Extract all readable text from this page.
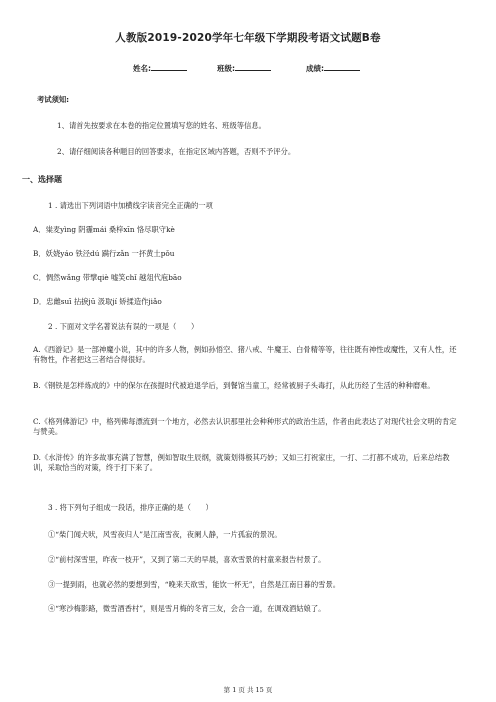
人教版2019-2020学年七年级下学期段考语文试题B卷
姓名:	班级:	成绩:
考试须知:
1、请首先按要求在本卷的指定位置填写您的姓名、班级等信息。
2、请仔细阅读各种题目的回答要求，在指定区域内答题，否则不予评分。
一、选择题
1 . 请选出下列词语中加横线字读音完全正确的一项
A．粜麦yìng 阴霾mái 桑梓xīn 恪尽职守kè
B．妖娆yáo 铁泾dú 蹒行zǎn 一抔黄土pǒu
C．惆然wǎng 带擘qiè 嘘笑chǐ 越俎代庖bāo
D．忠雌suī 拈捩jū 汲取jí 矫揉造作jiǎo
2 . 下面对文学名著说法有误的一项是（　　）
A.《西游记》是一部神魔小说，其中的许多人物，例如孙悟空、猪八戒、牛魔王、白骨精等等，往往既有神性或魔性，又有人性，还有物性，作者把这三者结合得很好。
B.《钢铁是怎样炼成的》中的保尔在孩提时代被迫退学后，到餐馆当童工，经常被厨子头毒打，从此历经了生活的种种磨难。
C.《格列佛游记》中，格列佛每漂流到一个地方，必然去认识那里社会种种形式的政治生活，作者由此表达了对现代社会文明的肯定与赞美。
D.《水浒传》的许多故事充满了智慧，例如智取生辰纲，就策划得极其巧妙；又如三打祝家庄，一打、二打都不成功，后来总结教训，采取恰当的对策，终于打下来了。
3 . 将下列句子组成一段话，排序正确的是（　　）
①“柴门闻犬吠，风雪夜归人”是江南雪夜，夜阑人静，一片孤寂的景况。
②“前村深雪里，昨夜一枝开”，又到了第二天的早晨，喜欢雪景的村童来报告村景了。
③一提到雨，也就必然的要想到雪，“晚来天欲雪，能饮一杯无”，自然是江南日暮的雪景。
④“寒沙梅影路，微雪酒香村”，则是雪月梅的冬宵三友，会合一道，在调戏酒姑娘了。
第 1 页 共 15 页
